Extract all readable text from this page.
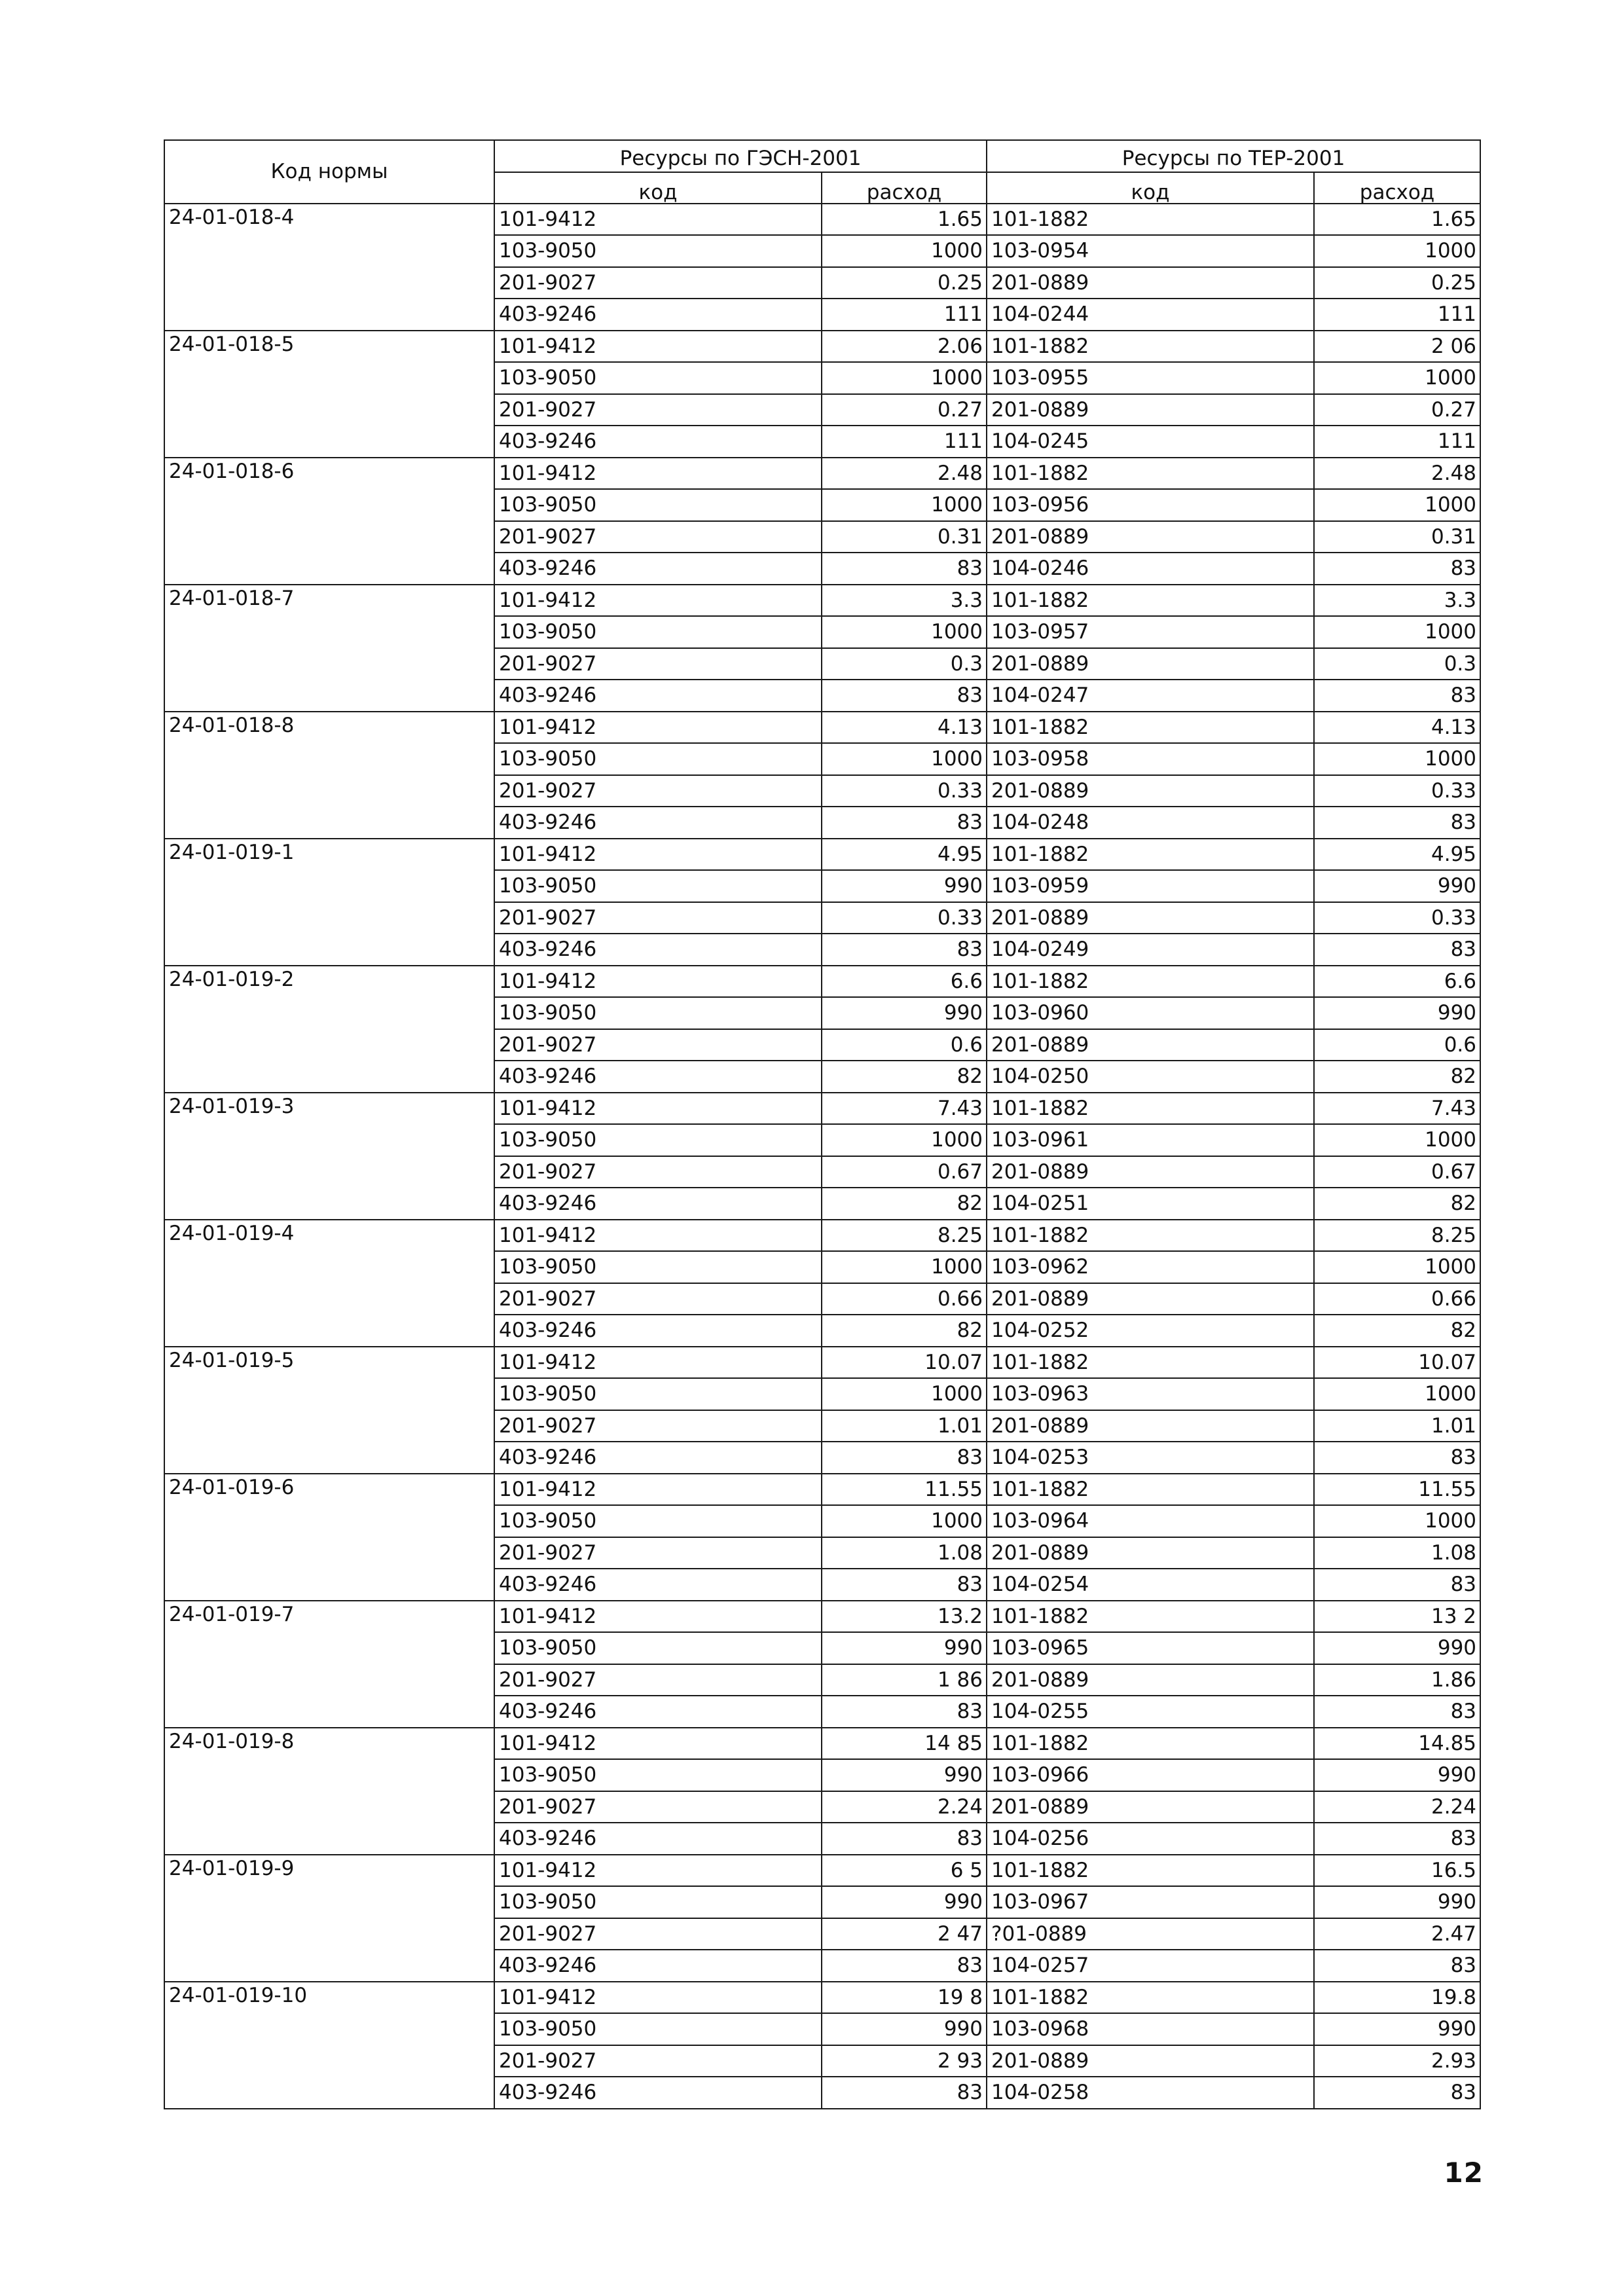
Код нормы	Ресурсы по ГЭСН-2001		Ресурсы по ТЕР-2001	
	код	расход	код	расход
24-01-018-4	101-9412	1.65	101-1882	1.65
	103-9050	1000	103-0954	1000
	201-9027	0.25	201-0889	0.25
	403-9246	111	104-0244	111
24-01-018-5	101-9412	2.06	101-1882	2 06
	103-9050	1000	103-0955	1000
	201-9027	0.27	201-0889	0.27
	403-9246	111	104-0245	111
24-01-018-6	101-9412	2.48	101-1882	2.48
	103-9050	1000	103-0956	1000
	201-9027	0.31	201-0889	0.31
	403-9246	83	104-0246	83
24-01-018-7	101-9412	3.3	101-1882	3.3
	103-9050	1000	103-0957	1000
	201-9027	0.3	201-0889	0.3
	403-9246	83	104-0247	83
24-01-018-8	101-9412	4.13	101-1882	4.13
	103-9050	1000	103-0958	1000
	201-9027	0.33	201-0889	0.33
	403-9246	83	104-0248	83
24-01-019-1	101-9412	4.95	101-1882	4.95
	103-9050	990	103-0959	990
	201-9027	0.33	201-0889	0.33
	403-9246	83	104-0249	83
24-01-019-2	101-9412	6.6	101-1882	6.6
	103-9050	990	103-0960	990
	201-9027	0.6	201-0889	0.6
	403-9246	82	104-0250	82
24-01-019-3	101-9412	7.43	101-1882	7.43
	103-9050	1000	103-0961	1000
	201-9027	0.67	201-0889	0.67
	403-9246	82	104-0251	82
24-01-019-4	101-9412	8.25	101-1882	8.25
	103-9050	1000	103-0962	1000
	201-9027	0.66	201-0889	0.66
	403-9246	82	104-0252	82
24-01-019-5	101-9412	10.07	101-1882	10.07
	103-9050	1000	103-0963	1000
	201-9027	1.01	201-0889	1.01
	403-9246	83	104-0253	83
24-01-019-6	101-9412	11.55	101-1882	11.55
	103-9050	1000	103-0964	1000
	201-9027	1.08	201-0889	1.08
	403-9246	83	104-0254	83
24-01-019-7	101-9412	13.2	101-1882	13 2
	103-9050	990	103-0965	990
	201-9027	1 86	201-0889	1.86
	403-9246	83	104-0255	83
24-01-019-8	101-9412	14 85	101-1882	14.85
	103-9050	990	103-0966	990
	201-9027	2.24	201-0889	2.24
	403-9246	83	104-0256	83
24-01-019-9	101-9412	6 5	101-1882	16.5
	103-9050	990	103-0967	990
	201-9027	2 47	?01-0889	2.47
	403-9246	83	104-0257	83
24-01-019-10	101-9412	19 8	101-1882	19.8
	103-9050	990	103-0968	990
	201-9027	2 93	201-0889	2.93
	403-9246	83	104-0258	83
12
